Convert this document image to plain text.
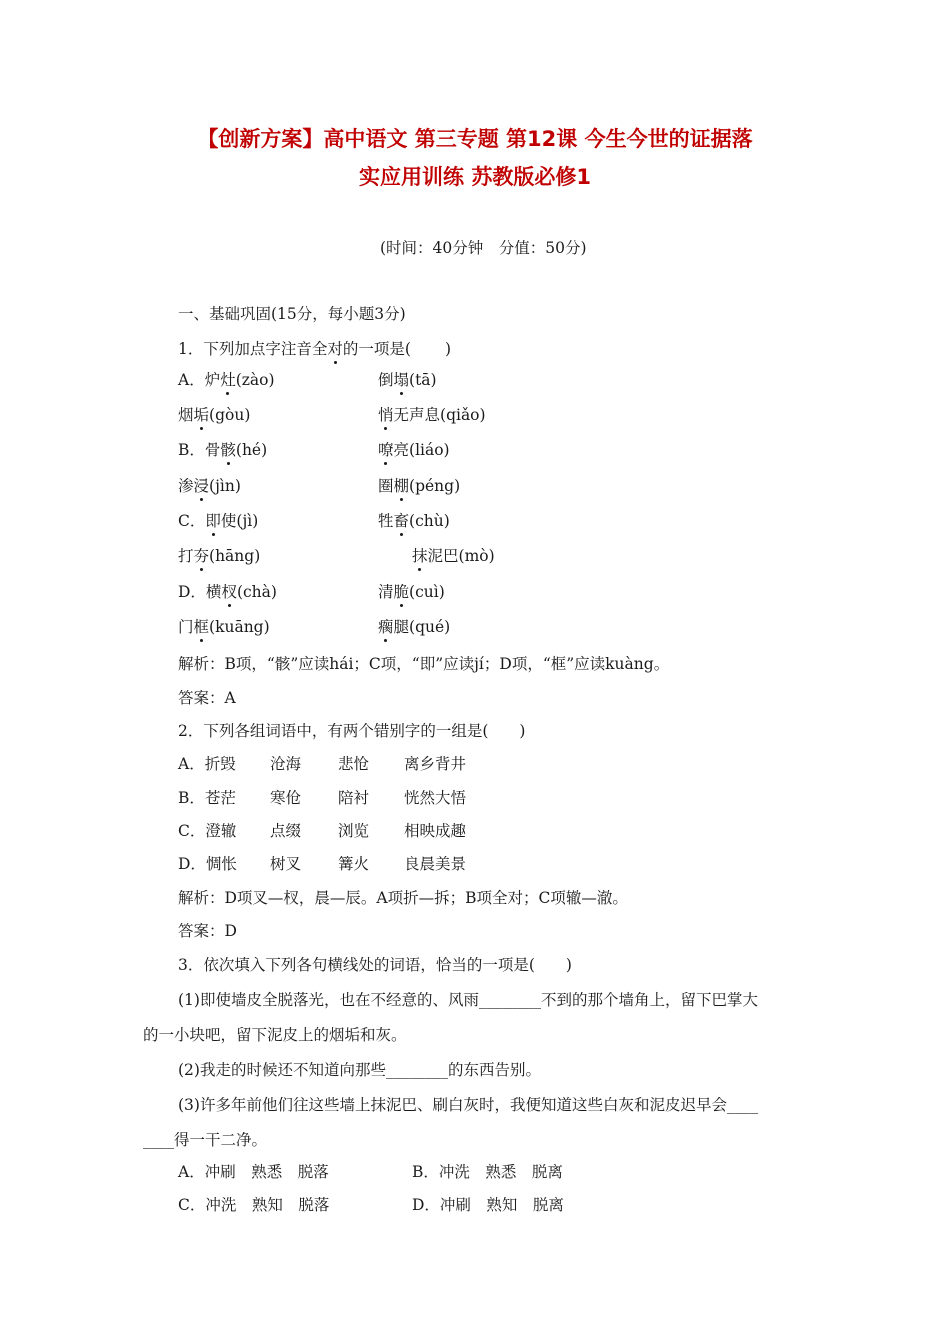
【创新方案】高中语文 第三专题 第12课 今生今世的证据落
实应用训练 苏教版必修1
(时间：40分钟　分值：50分)
一、基础巩固(15分，每小题3分)
1．下列加点字注音全对的一项是( )
A．炉灶(zào)	倒塌(tā)
烟垢(gòu)	悄无声息(qiǎo)
B．骨骸(hé)	嘹亮(liáo)
渗浸(jìn)	圈棚(péng)
C．即使(jì)	牲畜(chù)
打夯(hāng)	抹泥巴(mò)
D．横杈(chà)	清脆(cuì)
门框(kuāng)	瘸腿(qué)
解析：B项，“骸”应读hái；C项，“即”应读jí；D项，“框”应读kuàng。
答案：A
2．下列各组词语中，有两个错别字的一组是(　　)
A．折毁 沧海 悲怆 离乡背井
B．苍茫 寒伧 陪衬 恍然大悟
C．澄辙 点缀 浏览 相映成趣
D．惆怅 树叉 篝火 良晨美景
解析：D项叉—杈，晨—辰。A项折—拆；B项全对；C项辙—澈。
答案：D
3．依次填入下列各句横线处的词语，恰当的一项是(　　)
(1)即使墙皮全脱落光，也在不经意的、风雨________不到的那个墙角上，留下巴掌大
的一小块吧，留下泥皮上的烟垢和灰。
(2)我走的时候还不知道向那些________的东西告别。
(3)许多年前他们往这些墙上抹泥巴、刷白灰时，我便知道这些白灰和泥皮迟早会____
____得一干二净。
A．冲刷　熟悉　脱落	B．冲洗　熟悉　脱离
C．冲洗　熟知　脱落	D．冲刷　熟知　脱离
